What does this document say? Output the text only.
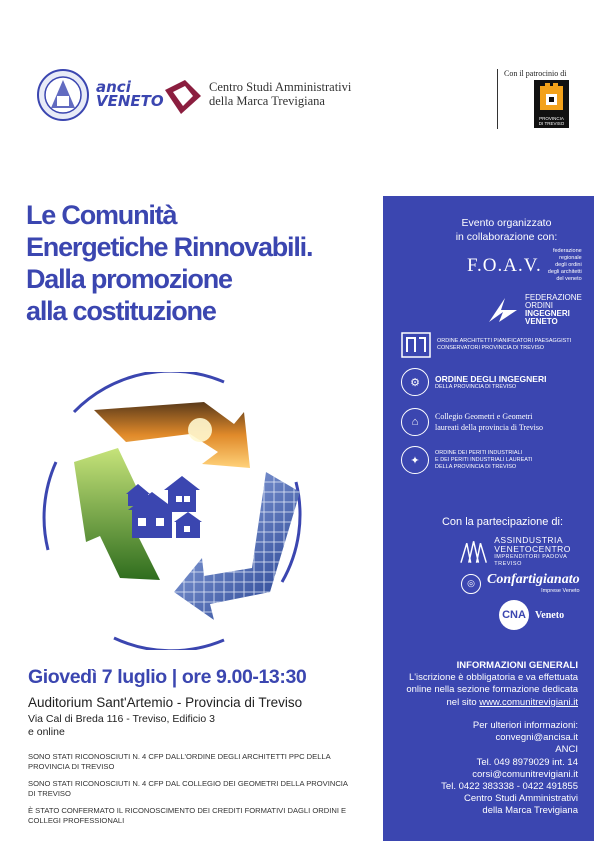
anci
VENETO
Centro Studi Amministrativi
della Marca Trevigiana
Con il patrocinio di
PROVINCIA
DI TREVISO
Le Comunità
Energetiche Rinnovabili.
Dalla promozione
alla costituzione
Giovedì 7 luglio | ore 9.00-13:30
Auditorium Sant'Artemio - Provincia di Treviso
Via Cal di Breda 116 - Treviso, Edificio 3
e online

SONO STATI RICONOSCIUTI N. 4 CFP DALL'ORDINE DEGLI ARCHITETTI PPC DELLA PROVINCIA DI TREVISO

SONO STATI RICONOSCIUTI N. 4 CFP DAL COLLEGIO DEI GEOMETRI DELLA PROVINCIA DI TREVISO

È STATO CONFERMATO IL RICONOSCIMENTO DEI CREDITI FORMATIVI DAGLI ORDINI E COLLEGI PROFESSIONALI

Evento organizzato
in collaborazione con:
F.O.A.V.
federazione
regionale
degli ordini
degli architetti
del veneto
FEDERAZIONE
ORDINI
INGEGNERI
VENETO
ORDINE ARCHITETTI PIANIFICATORI PAESAGGISTI
CONSERVATORI PROVINCIA DI TREVISO
⚙	ORDINE DEGLI INGEGNERI
DELLA PROVINCIA DI TREVISO
⌂	Collegio Geometri e Geometri
laureati della provincia di Treviso
✦
ORDINE DEI PERITI INDUSTRIALI
E DEI PERITI INDUSTRIALI LAUREATI
DELLA PROVINCIA DI TREVISO
Con la partecipazione di:
ASSINDUSTRIA
VENETOCENTRO
IMPRENDITORI PADOVA TREVISO
◎ Confartigianato
Imprese Veneto
CNA Veneto
INFORMAZIONI GENERALI
L'iscrizione è obbligatoria e va effettuata
online nella sezione formazione dedicata
nel sito www.comunitrevigiani.it
Per ulteriori informazioni:
convegni@ancisa.it
ANCI
Tel. 049 8979029 int. 14
corsi@comunitrevigiani.it
Tel. 0422 383338 - 0422 491855
Centro Studi Amministrativi
della Marca Trevigiana
